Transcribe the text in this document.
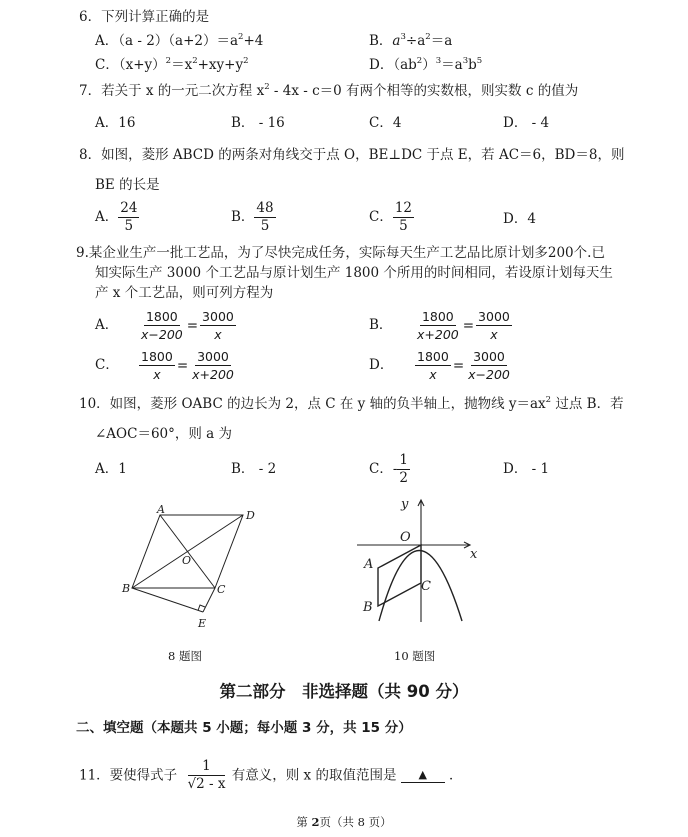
6．下列计算正确的是
A．$(a - 2)(a+2)=a^2+4$	B．$a^3\div a^2=a$
C．$(x+y)^2=x^2+xy+y^2$	D．$(ab^2)^3=a^3b^5$
7．若关于 x 的一元二次方程 $x^2 - 4x - c=0$ 有两个相等的实数根，则实数 c 的值为
A．16	B． - 16	C．4	D． - 4
8．如图，菱形 ABCD 的两条对角线交于点 O，BE⊥DC 于点 E，若 AC＝6，BD＝8，则
BE 的长是
A． $\frac{24}{5}$	B． $\frac{48}{5}$	C． $\frac{12}{5}$	D．4
9.某企业生产一批工艺品，为了尽快完成任务，实际每天生产工艺品比原计划多200个.已
知实际生产 3000 个工艺品与原计划生产 1800 个所用的时间相同，若设原计划每天生
产 x 个工艺品，则可列方程为
A． $\frac{1800}{x-200} = \frac{3000}{x}$	B． $\frac{1800}{x+200} = \frac{3000}{x}$
C． $\frac{1800}{x} = \frac{3000}{x+200}$	D． $\frac{1800}{x} = \frac{3000}{x-200}$
10．如图，菱形 OABC 的边长为 2，点 C 在 y 轴的负半轴上，抛物线 $y=ax^2$ 过点 B．若
∠AOC＝60°，则 a 为
A．1	B． - 2	C．- $\frac{1}{2}$	D． - 1
A	D
B	C
O
E
8 题图
y
x
O
A
B
C
10 题图
第二部分　非选择题（共 90 分）
二、填空题（本题共 5 小题；每小题 3 分，共 15 分）
11．要使得式子 $\frac{1}{√2 - x}$ 有意义，则 x 的取值范围是 ▲ ．
第 2页（共 8 页）
